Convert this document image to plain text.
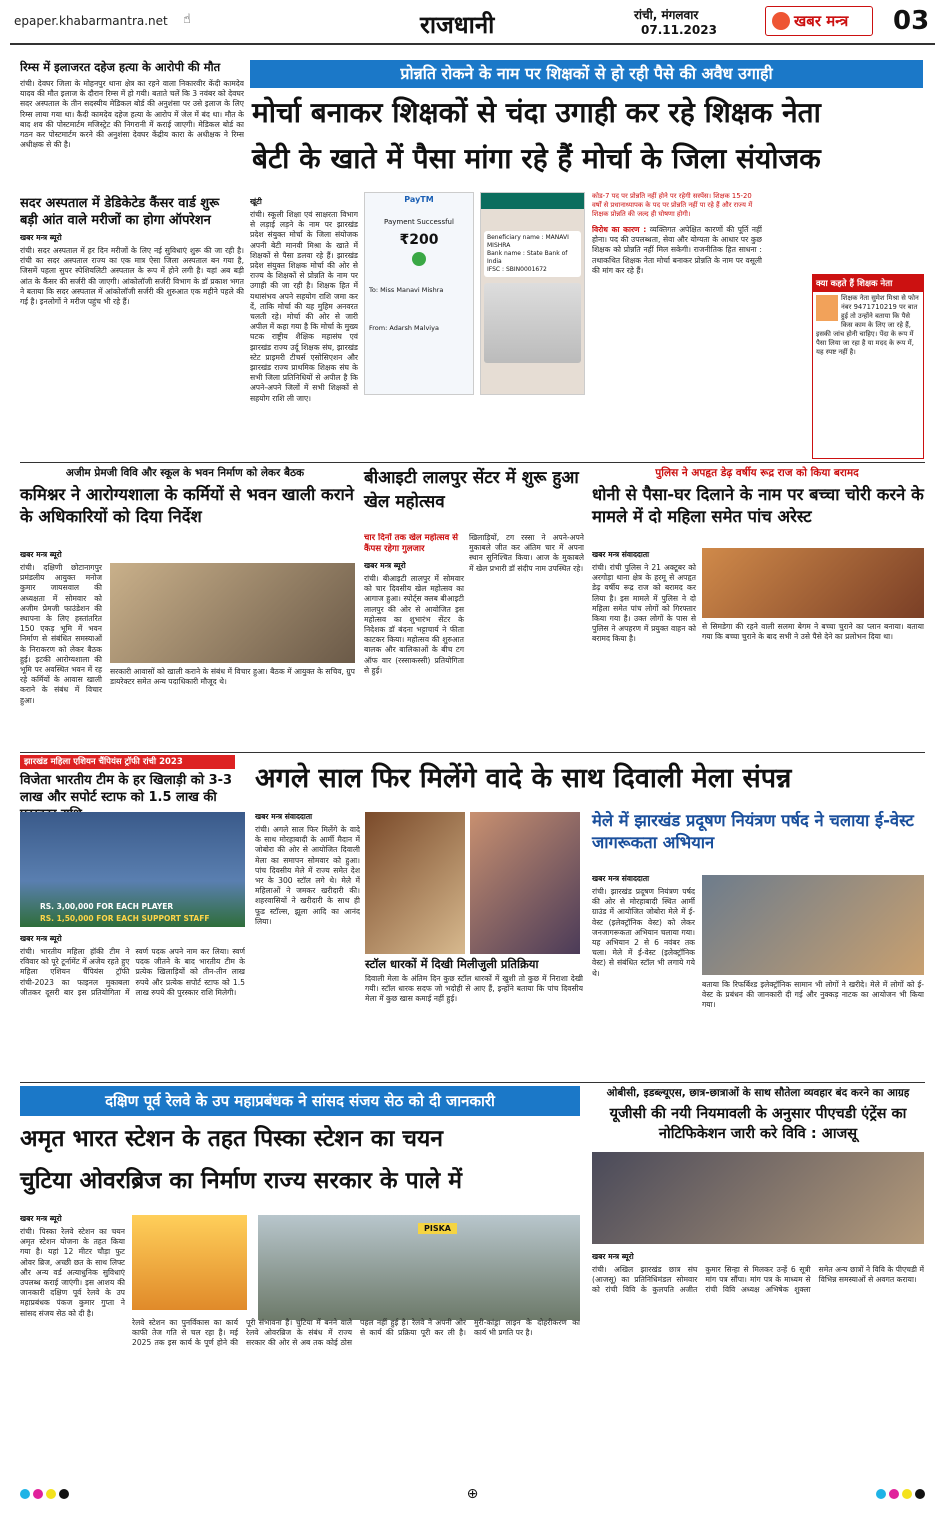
epaper.khabarmantra.net ☝	राजधानी	रांची, मंगलवार
07.11.2023	खबर मन्त्र 03
रिम्स में इलाजरत दहेज हत्या के आरोपी की मौत
रांची। देवघर जिला के मोहनपुर थाना क्षेत्र का रहने वाला निकारवीर केंदी कामदेव यादव की मौत इलाज के दौरान रिम्स में हो गयी। बताते चलें कि 3 नवंबर को देवघर सदर अस्पताल के तीन सदस्यीय मेडिकल बोर्ड की अनुशंसा पर उसे इलाज के लिए रिम्स लाया गया था। कैदी कामदेव दहेज हत्या के आरोप में जेल में बंद था। मौत के बाद शव की पोस्टमार्टम मजिस्ट्रेट की निगरानी में कराई जाएगी। मेडिकल बोर्ड का गठन कर पोस्टमार्टम करने की अनुशंसा देवघर केंद्रीय कारा के अधीक्षक ने रिम्स अधीक्षक से की है।
प्रोन्नति रोकने के नाम पर शिक्षकों से हो रही पैसे की अवैध उगाही
मोर्चा बनाकर शिक्षकों से चंदा उगाही कर रहे शिक्षक नेता
बेटी के खाते में पैसा मांगा रहे हैं मोर्चा के जिला संयोजक
सदर अस्पताल में डेडिकेटेड कैंसर वार्ड शुरू
बड़ी आंत वाले मरीजों का होगा ऑपरेशन
खबर मन्त्र ब्यूरो
रांची। सदर अस्पताल में हर दिन मरीजों के लिए नई सुविधाएं शुरू की जा रही है। रांची का सदर अस्पताल राज्य का एक मात्र ऐसा जिला अस्पताल बन गया है, जिसमें पहला सुपर स्पेशियलिटी अस्पताल के रूप में होने लगी है। यहां अब बड़ी आंत के कैंसर की सर्जरी की जाएगी। आंकोलॉजी सर्जरी विभाग के डॉ प्रकाश भगत ने बताया कि सदर अस्पताल में आंकोलॉजी सर्जरी की शुरुआत एक महीने पहले की गई है। इनलोगों ने मरीज पहुंच भी रहे हैं।
खूंटी
रांची। स्कूली शिक्षा एवं साक्षरता विभाग से लड़ाई लड़ने के नाम पर झारखंड प्रदेश संयुक्त मोर्चा के जिला संयोजक अपनी बेटी मानवी मिश्रा के खाते में शिक्षकों से पैसा डलवा रहे हैं। झारखंड प्रदेश संयुक्त शिक्षक मोर्चा की ओर से राज्य के शिक्षकों से प्रोन्नति के नाम पर उगाही की जा रही है। शिक्षक हित में यथासंभव अपने सहयोग राशि जमा कर दें, ताकि मोर्चा की यह मुहिम अनवरत चलती रहे। मोर्चा की ओर से जारी अपील में कहा गया है कि मोर्चा के मुख्य घटक राष्ट्रीय शैक्षिक महासंघ एवं झारखंड राज्य उर्दू शिक्षक संघ, झारखंड स्टेट प्राइमरी टीचर्स एसोसिएशन और झारखंड राज्य प्राथमिक शिक्षक संघ के सभी जिला प्रतिनिधियों से अपील है कि अपने-अपने जिलों में सभी शिक्षकों से सहयोग राशि ली जाए।
PayTM
Payment Successful
₹200
To: Miss Manavi Mishra
From: Adarsh Malviya
Beneficiary name : MANAVI MISHRA
Bank name : State Bank of India
IFSC : SBIN0001672
कोड-7 पद पर प्रोन्नति नहीं होने पर रहेगी सस्पेंस। शिक्षक 15-20 वर्षों से प्रधानाध्यापक के पद पर प्रोन्नति नहीं पा रहे हैं और राज्य में शिक्षक प्रोन्नति की जल्द ही घोषणा होगी।
विरोध का कारण : व्यक्तिगत अपेक्षित कारणों की पूर्ति नहीं होना। पद की उपलब्धता, सेवा और योग्यता के आधार पर कुछ शिक्षक को प्रोन्नति नहीं मिल सकेगी। राजनीतिक हित साधना : तथाकथित शिक्षक नेता मोर्चा बनाकर प्रोन्नति के नाम पर वसूली की मांग कर रहे हैं।
क्या कहते हैं शिक्षक नेता
शिक्षक नेता सुमेश मिश्रा से फोन नंबर 9471710219 पर बात हुई तो उन्होंने बताया कि पैसे किस काम के लिए जा रहे हैं, इसकी जांच होनी चाहिए। पेंदा के रूप में पैसा लिया जा रहा है या मदद के रूप में, यह स्पष्ट नहीं है।
अजीम प्रेमजी विवि और स्कूल के भवन निर्माण को लेकर बैठक
कमिश्नर ने आरोग्यशाला के कर्मियों से भवन खाली कराने के अधिकारियों को दिया निर्देश
खबर मन्त्र ब्यूरो
रांची। दक्षिणी छोटानागपुर प्रमंडलीय आयुक्त मनोज कुमार जायसवाल की अध्यक्षता में सोमवार को अजीम प्रेमजी फाउंडेशन की स्थापना के लिए हस्तांतरित 150 एकड़ भूमि में भवन निर्माण से संबंधित समस्याओं के निराकरण को लेकर बैठक हुई। इटकी आरोग्यशाला की भूमि पर अवस्थित भवन में रह रहे कर्मियों के आवास खाली कराने के संबंध में विचार हुआ।
सरकारी आवासों को खाली कराने के संबंध में विचार हुआ। बैठक में आयुक्त के सचिव, ग्रुप डायरेक्टर समेत अन्य पदाधिकारी मौजूद थे।
बीआइटी लालपुर सेंटर में शुरू हुआ खेल महोत्सव
चार दिनों तक खेल महोत्सव से कैंपस रहेगा गुलजार
खबर मन्त्र ब्यूरो
रांची। बीआइटी लालपुर में सोमवार को चार दिवसीय खेल महोत्सव का आगाज हुआ। स्पोर्ट्स क्लब बीआइटी लालपुर की ओर से आयोजित इस महोत्सव का शुभारंभ सेंटर के निदेशक डॉ बंदना भट्टाचार्य ने फीता काटकर किया। महोत्सव की शुरुआत बालक और बालिकाओं के बीच टग ऑफ वार (रस्साकस्सी) प्रतियोगिता से हुई।
खिलाड़ियों, टग रस्सा ने अपने-अपने मुकाबले जीत कर अंतिम चार में अपना स्थान सुनिश्चित किया। आज के मुकाबले में खेल प्रभारी डॉ संदीप नाम उपस्थित रहे।
पुलिस ने अपहृत डेढ़ वर्षीय रूद्र राज को किया बरामद
धोनी से पैसा-घर दिलाने के नाम पर बच्चा चोरी करने के मामले में दो महिला समेत पांच अरेस्ट
खबर मन्त्र संवाददाता
रांची। रांची पुलिस ने 21 अक्टूबर को अरगोड़ा थाना क्षेत्र के हरमू से अपहृत डेढ़ वर्षीय रूद्र राज को बरामद कर लिया है। इस मामले में पुलिस ने दो महिला समेत पांच लोगों को गिरफ्तार किया गया है। उक्त लोगों के पास से पुलिस ने अपहरण में प्रयुक्त वाहन को बरामद किया है।
से सिमडेगा की रहने वाली सलमा बेगम ने बच्चा चुराने का प्लान बनाया। बताया गया कि बच्चा चुराने के बाद सभी ने उसे पैसे देने का प्रलोभन दिया था।
झारखंड महिला एशियन चैंपियंस ट्रॉफी रांची 2023
विजेता भारतीय टीम के हर खिलाड़ी को 3-3 लाख और सपोर्ट स्टाफ को 1.5 लाख की
RS. 3,00,000 FOR EACH PLAYER
RS. 1,50,000 FOR EACH SUPPORT STAFF
खबर मन्त्र ब्यूरो
रांची। भारतीय महिला हॉकी टीम ने रविवार को पूरे टूर्नामेंट में अजेय रहते हुए महिला एशियन चैंपियंस ट्रॉफी रांची-2023 का फाइनल मुकाबला जीतकर दूसरी बार इस प्रतियोगिता में स्वर्ण पदक अपने नाम कर लिया। स्वर्ण पदक जीतने के बाद भारतीय टीम के प्रत्येक खिलाड़ियों को तीन-तीन लाख रुपये और प्रत्येक सपोर्ट स्टाफ को 1.5 लाख रुपये की पुरस्कार राशि मिलेगी।
अगले साल फिर मिलेंगे वादे के साथ दिवाली मेला संपन्न
खबर मन्त्र संवाददाता
रांची। अगले साल फिर मिलेंगे के वादे के साथ मोरहाबादी के आर्मी मैदान में जोबोरा की ओर से आयोजित दिवाली मेला का समापन सोमवार को हुआ। पांच दिवसीय मेले में राज्य समेत देश भर के 300 स्टॉल लगे थे। मेले में महिलाओं ने जमकर खरीदारी की। शहरवासियों ने खरीदारी के साथ ही फूड स्टॉल्स, झूला आदि का आनंद लिया।
स्टॉल धारकों में दिखी मिलीजुली प्रतिक्रिया
दिवाली मेला के अंतिम दिन कुछ स्टॉल धारकों में खुशी तो कुछ में निराशा देखी गयी। स्टॉल धारक सदफ जो भदोही से आए हैं, इन्होंने बताया कि पांच दिवसीय मेला में कुछ खास कमाई नहीं हुई।
मेले में झारखंड प्रदूषण नियंत्रण पर्षद ने चलाया ई-वेस्ट जागरूकता अभियान
खबर मन्त्र संवाददाता
रांची। झारखंड प्रदूषण नियंत्रण पर्षद की ओर से मोरहाबादी स्थित आर्मी ग्राउंड में आयोजित जोबोरा मेले में ई-वेस्ट (इलेक्ट्रॉनिक वेस्ट) को लेकर जनजागरूकता अभियान चलाया गया। यह अभियान 2 से 6 नवंबर तक चला। मेले में ई-वेस्ट (इलेक्ट्रॉनिक वेस्ट) से संबंधित स्टॉल भी लगाये गये थे।
बताया कि रिफर्बिश्ड इलेक्ट्रॉनिक सामान भी लोगों ने खरीदे। मेले में लोगों को ई-वेस्ट के प्रबंधन की जानकारी दी गई और नुक्कड़ नाटक का आयोजन भी किया गया।
दक्षिण पूर्व रेलवे के उप महाप्रबंधक ने सांसद संजय सेठ को दी जानकारी
अमृत भारत स्टेशन के तहत पिस्का स्टेशन का चयन
चुटिया ओवरब्रिज का निर्माण राज्य सरकार के पाले में
खबर मन्त्र ब्यूरो
रांची। पिस्का रेलवे स्टेशन का चयन अमृत स्टेशन योजना के तहत किया गया है। यहां 12 मीटर चौड़ा फुट ओवर ब्रिज, अच्छी छत के साथ लिफ्ट और अन्य वर्ड अत्याधुनिक सुविधाएं उपलब्ध कराई जाएंगी। इस आशय की जानकारी दक्षिण पूर्व रेलवे के उप महाप्रबंधक पंकज कुमार गुप्ता ने सांसद संजय सेठ को दी है।
PISKA
रेलवे स्टेशन का पुनर्विकास का कार्य काफी तेज गति से चल रहा है। मई 2025 तक इस कार्य के पूर्ण होने की पूरी संभावना है। चुटिया में बनने वाले रेलवे ओवरब्रिज के संबंध में राज्य सरकार की ओर से अब तक कोई ठोस पहल नहीं हुई है। रेलवे ने अपनी ओर से कार्य की प्रक्रिया पूरी कर ली है। मुरी-कांड्रा लाइन के दोहरीकरण का कार्य भी प्रगति पर है।
ओबीसी, इडब्ल्यूएस, छात्र-छात्राओं के साथ सौतेला व्यवहार बंद करने का आग्रह
यूजीसी की नयी नियमावली के अनुसार पीएचडी एंट्रेंस का नोटिफिकेशन जारी करे विवि : आजसू
खबर मन्त्र ब्यूरो
रांची। अखिल झारखंड छात्र संघ (आजसू) का प्रतिनिधिमंडल सोमवार को रांची विवि के कुलपति अजीत कुमार सिन्हा से मिलकर उन्हें 6 सूत्री मांग पत्र सौंपा। मांग पत्र के माध्यम से रांची विवि अध्यक्ष अभिषेक शुक्ला समेत अन्य छात्रों ने विवि के पीएचडी में विभिन्न समस्याओं से अवगत कराया।
⊕
